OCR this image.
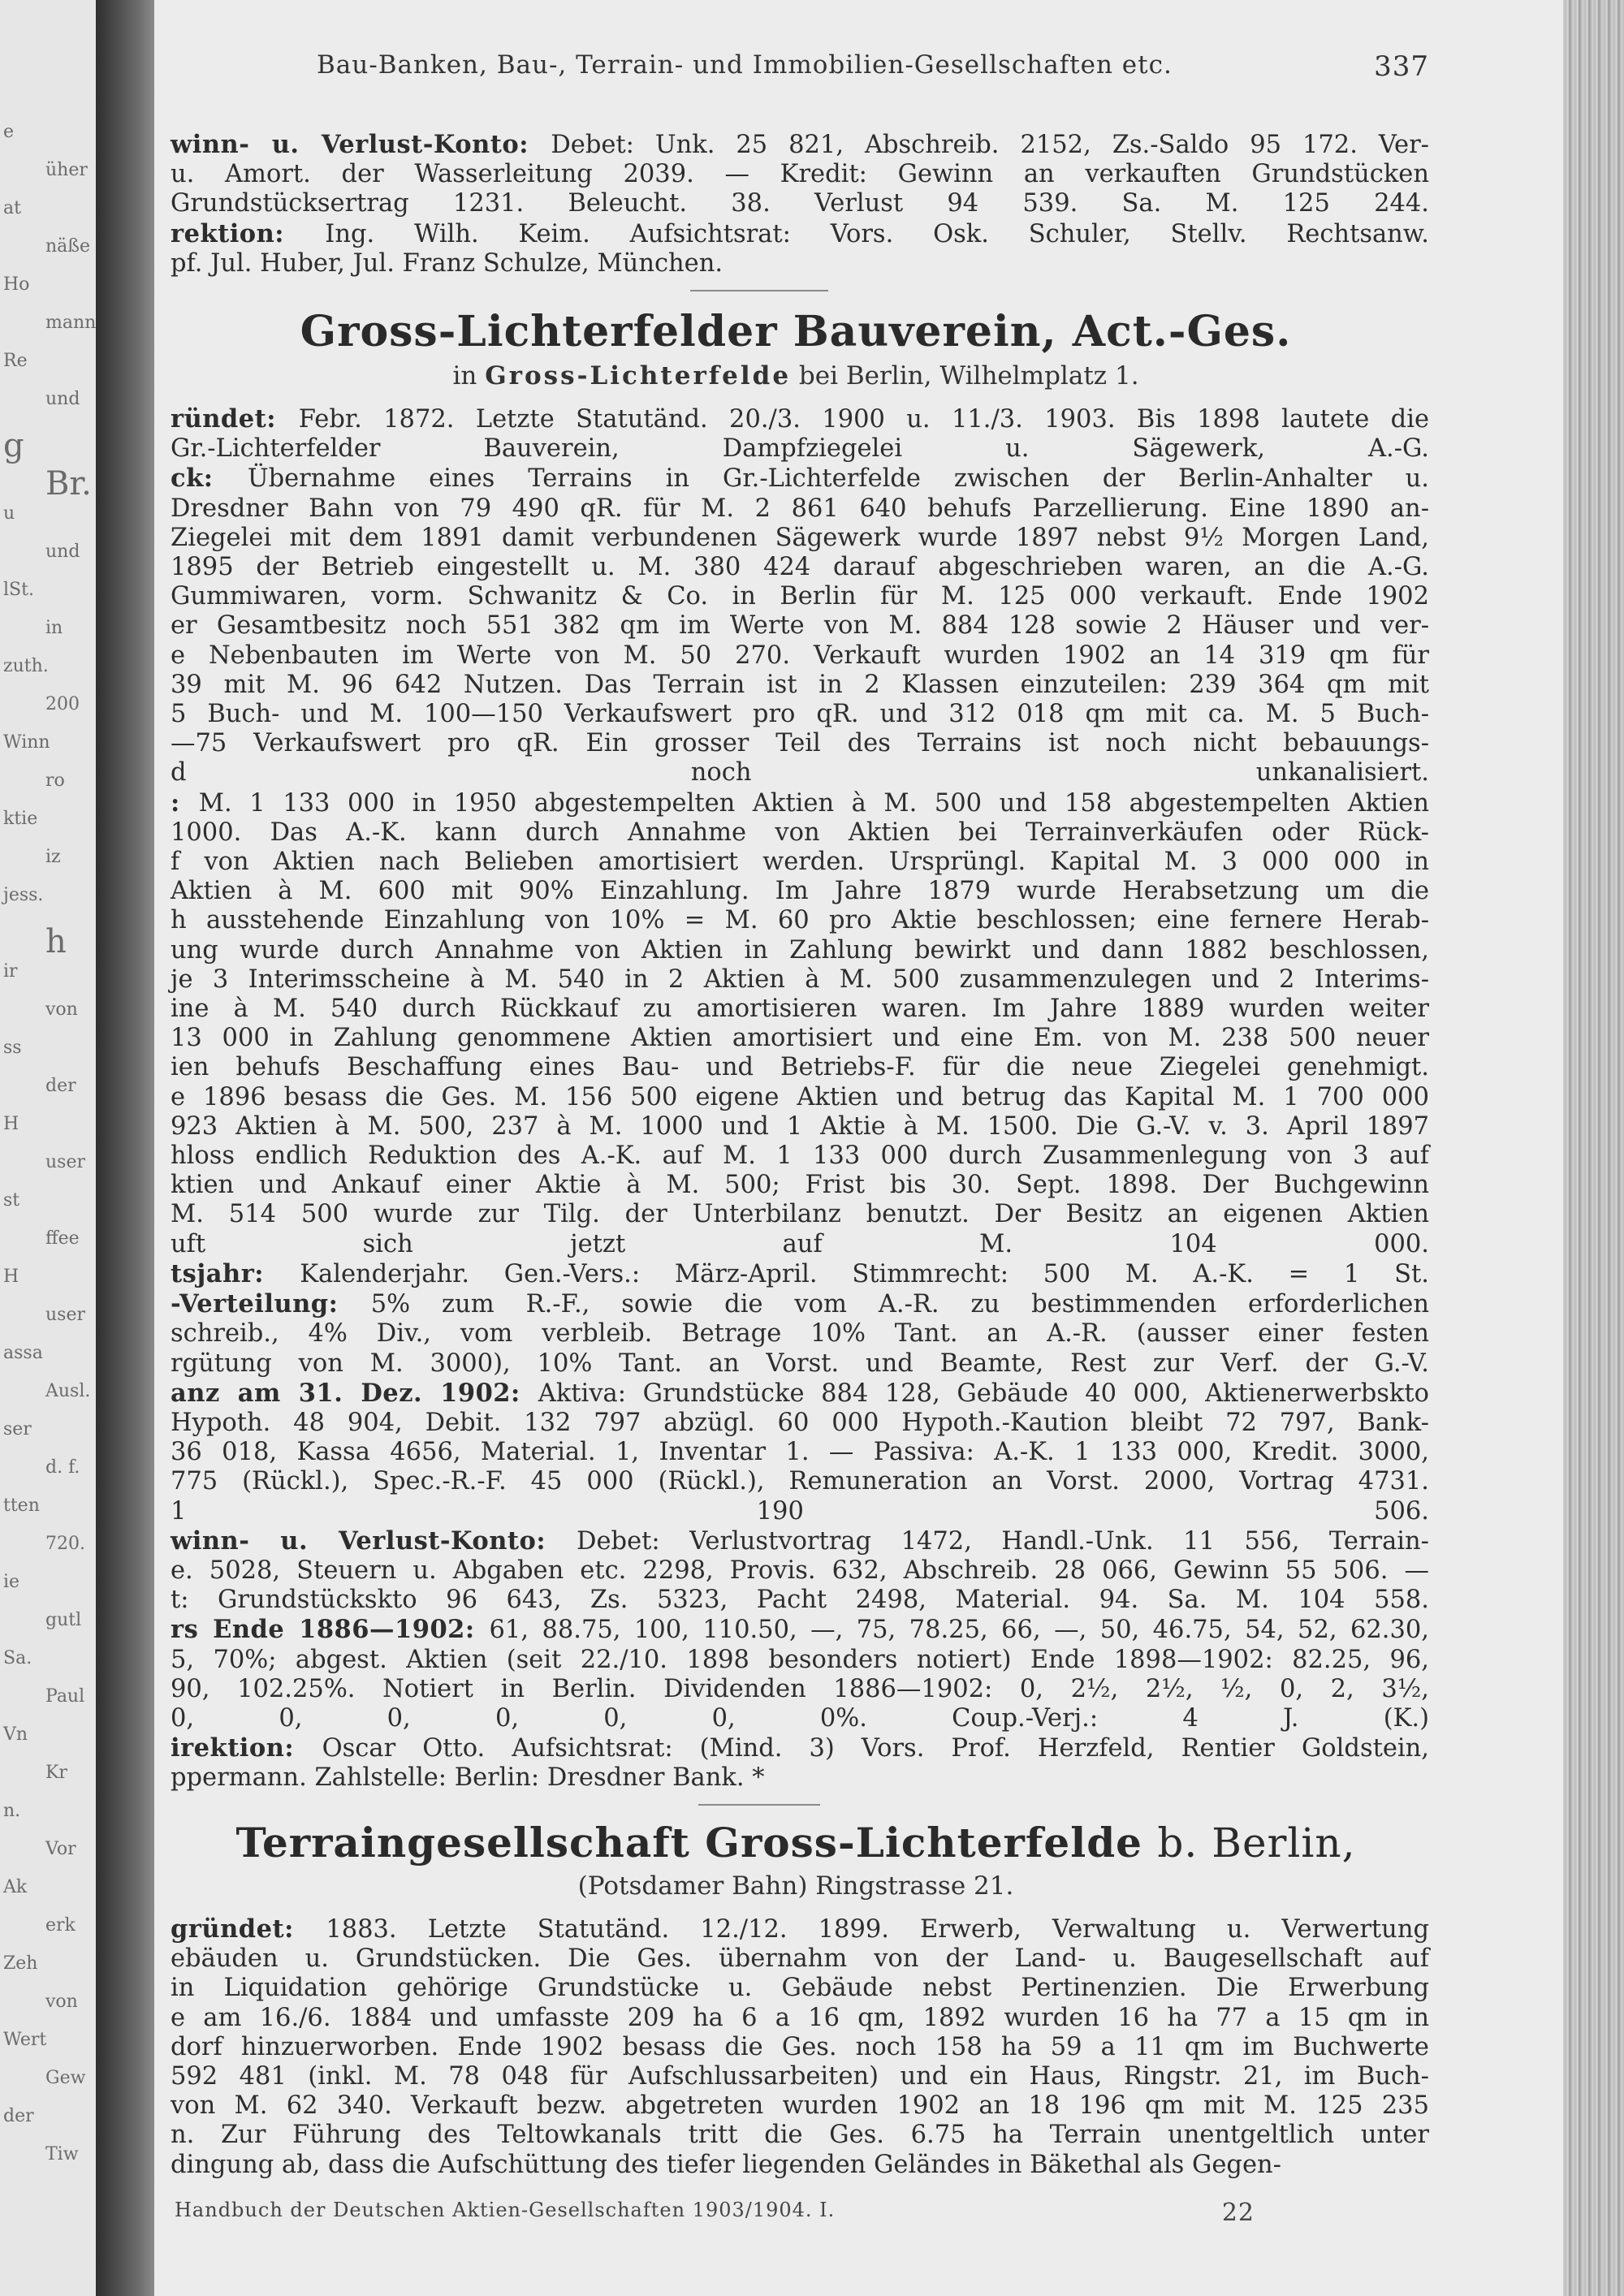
e
üher
at
näße
Ho
mann
Re
und
g
Br.
u
und
lSt.
in
zuth.
200
Winn
ro
ktie
iz
jess.
h
ir
von
ss
der
H
user
st
ffee
H
user
assa
Ausl.
ser
d. f.
tten
720.
ie
gutl
Sa.
Paul
Vn
Kr
n.
Vor
Ak
erk
Zeh
von
Wert
Gew
der
Tiw
Bau-Banken, Bau-, Terrain- und Immobilien-Gesellschaften etc.	337

winn- u. Verlust-Konto: Debet: Unk. 25 821, Abschreib. 2152, Zs.-Saldo 95 172. Ver-

u. Amort. der Wasserleitung 2039. — Kredit: Gewinn an verkauften Grundstücken

Grundstücksertrag 1231. Beleucht. 38. Verlust 94 539. Sa. M. 125 244.

rektion: Ing. Wilh. Keim. Aufsichtsrat: Vors. Osk. Schuler, Stellv. Rechtsanw.

pf. Jul. Huber, Jul. Franz Schulze, München.

Gross-Lichterfelder Bauverein, Act.-Ges.
in Gross-Lichterfelde bei Berlin, Wilhelmplatz 1.

ründet: Febr. 1872. Letzte Statutänd. 20./3. 1900 u. 11./3. 1903. Bis 1898 lautete die

Gr.-Lichterfelder Bauverein, Dampfziegelei u. Sägewerk, A.-G.

ck: Übernahme eines Terrains in Gr.-Lichterfelde zwischen der Berlin-Anhalter u.

Dresdner Bahn von 79 490 qR. für M. 2 861 640 behufs Parzellierung. Eine 1890 an-

Ziegelei mit dem 1891 damit verbundenen Sägewerk wurde 1897 nebst 9½ Morgen Land,

1895 der Betrieb eingestellt u. M. 380 424 darauf abgeschrieben waren, an die A.-G.

Gummiwaren, vorm. Schwanitz & Co. in Berlin für M. 125 000 verkauft. Ende 1902

er Gesamtbesitz noch 551 382 qm im Werte von M. 884 128 sowie 2 Häuser und ver-

e Nebenbauten im Werte von M. 50 270. Verkauft wurden 1902 an 14 319 qm für

39 mit M. 96 642 Nutzen. Das Terrain ist in 2 Klassen einzuteilen: 239 364 qm mit

5 Buch- und M. 100—150 Verkaufswert pro qR. und 312 018 qm mit ca. M. 5 Buch-

—75 Verkaufswert pro qR. Ein grosser Teil des Terrains ist noch nicht bebauungs-

d noch unkanalisiert.

: M. 1 133 000 in 1950 abgestempelten Aktien à M. 500 und 158 abgestempelten Aktien

1000. Das A.-K. kann durch Annahme von Aktien bei Terrainverkäufen oder Rück-

f von Aktien nach Belieben amortisiert werden. Ursprüngl. Kapital M. 3 000 000 in

Aktien à M. 600 mit 90% Einzahlung. Im Jahre 1879 wurde Herabsetzung um die

h ausstehende Einzahlung von 10% = M. 60 pro Aktie beschlossen; eine fernere Herab-

ung wurde durch Annahme von Aktien in Zahlung bewirkt und dann 1882 beschlossen,

je 3 Interimsscheine à M. 540 in 2 Aktien à M. 500 zusammenzulegen und 2 Interims-

ine à M. 540 durch Rückkauf zu amortisieren waren. Im Jahre 1889 wurden weiter

13 000 in Zahlung genommene Aktien amortisiert und eine Em. von M. 238 500 neuer

ien behufs Beschaffung eines Bau- und Betriebs-F. für die neue Ziegelei genehmigt.

e 1896 besass die Ges. M. 156 500 eigene Aktien und betrug das Kapital M. 1 700 000

923 Aktien à M. 500, 237 à M. 1000 und 1 Aktie à M. 1500. Die G.-V. v. 3. April 1897

hloss endlich Reduktion des A.-K. auf M. 1 133 000 durch Zusammenlegung von 3 auf

ktien und Ankauf einer Aktie à M. 500; Frist bis 30. Sept. 1898. Der Buchgewinn

M. 514 500 wurde zur Tilg. der Unterbilanz benutzt. Der Besitz an eigenen Aktien

uft sich jetzt auf M. 104 000.

tsjahr: Kalenderjahr. Gen.-Vers.: März-April. Stimmrecht: 500 M. A.-K. = 1 St.

-Verteilung: 5% zum R.-F., sowie die vom A.-R. zu bestimmenden erforderlichen

schreib., 4% Div., vom verbleib. Betrage 10% Tant. an A.-R. (ausser einer festen

rgütung von M. 3000), 10% Tant. an Vorst. und Beamte, Rest zur Verf. der G.-V.

anz am 31. Dez. 1902: Aktiva: Grundstücke 884 128, Gebäude 40 000, Aktienerwerbskto

Hypoth. 48 904, Debit. 132 797 abzügl. 60 000 Hypoth.-Kaution bleibt 72 797, Bank-

36 018, Kassa 4656, Material. 1, Inventar 1. — Passiva: A.-K. 1 133 000, Kredit. 3000,

775 (Rückl.), Spec.-R.-F. 45 000 (Rückl.), Remuneration an Vorst. 2000, Vortrag 4731.

1 190 506.

winn- u. Verlust-Konto: Debet: Verlustvortrag 1472, Handl.-Unk. 11 556, Terrain-

e. 5028, Steuern u. Abgaben etc. 2298, Provis. 632, Abschreib. 28 066, Gewinn 55 506. —

t: Grundstückskto 96 643, Zs. 5323, Pacht 2498, Material. 94. Sa. M. 104 558.

rs Ende 1886—1902: 61, 88.75, 100, 110.50, —, 75, 78.25, 66, —, 50, 46.75, 54, 52, 62.30,

5, 70%; abgest. Aktien (seit 22./10. 1898 besonders notiert) Ende 1898—1902: 82.25, 96,

90, 102.25%. Notiert in Berlin. Dividenden 1886—1902: 0, 2½, 2½, ½, 0, 2, 3½,

0, 0, 0, 0, 0, 0, 0%. Coup.-Verj.: 4 J. (K.)

irektion: Oscar Otto. Aufsichtsrat: (Mind. 3) Vors. Prof. Herzfeld, Rentier Goldstein,

ppermann. Zahlstelle: Berlin: Dresdner Bank. *

Terraingesellschaft Gross-Lichterfelde b. Berlin,
(Potsdamer Bahn) Ringstrasse 21.

gründet: 1883. Letzte Statutänd. 12./12. 1899. Erwerb, Verwaltung u. Verwertung

ebäuden u. Grundstücken. Die Ges. übernahm von der Land- u. Baugesellschaft auf

in Liquidation gehörige Grundstücke u. Gebäude nebst Pertinenzien. Die Erwerbung

e am 16./6. 1884 und umfasste 209 ha 6 a 16 qm, 1892 wurden 16 ha 77 a 15 qm in

dorf hinzuerworben. Ende 1902 besass die Ges. noch 158 ha 59 a 11 qm im Buchwerte

592 481 (inkl. M. 78 048 für Aufschlussarbeiten) und ein Haus, Ringstr. 21, im Buch-

von M. 62 340. Verkauft bezw. abgetreten wurden 1902 an 18 196 qm mit M. 125 235

n. Zur Führung des Teltowkanals tritt die Ges. 6.75 ha Terrain unentgeltlich unter

dingung ab, dass die Aufschüttung des tiefer liegenden Geländes in Bäkethal als Gegen-

Handbuch der Deutschen Aktien-Gesellschaften 1903/1904. I.	22
